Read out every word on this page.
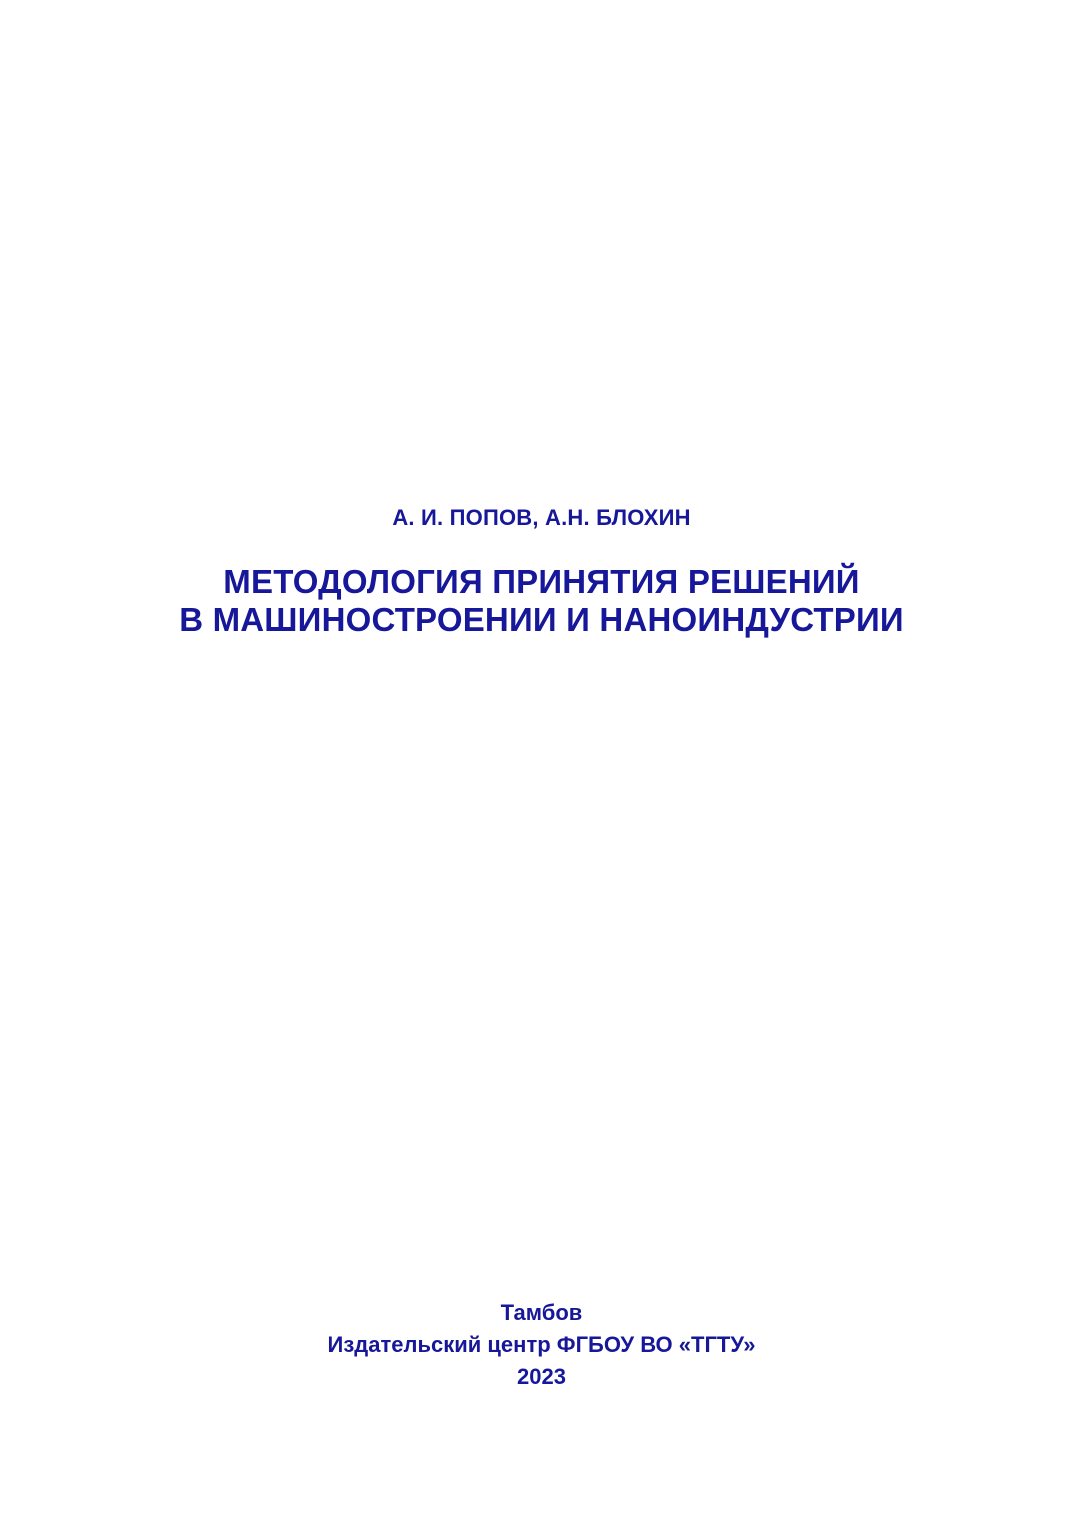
А. И. ПОПОВ, А.Н. БЛОХИН

МЕТОДОЛОГИЯ ПРИНЯТИЯ РЕШЕНИЙ
В МАШИНОСТРОЕНИИ И НАНОИНДУСТРИИ

Тамбов

Издательский центр ФГБОУ ВО «ТГТУ»

2023
